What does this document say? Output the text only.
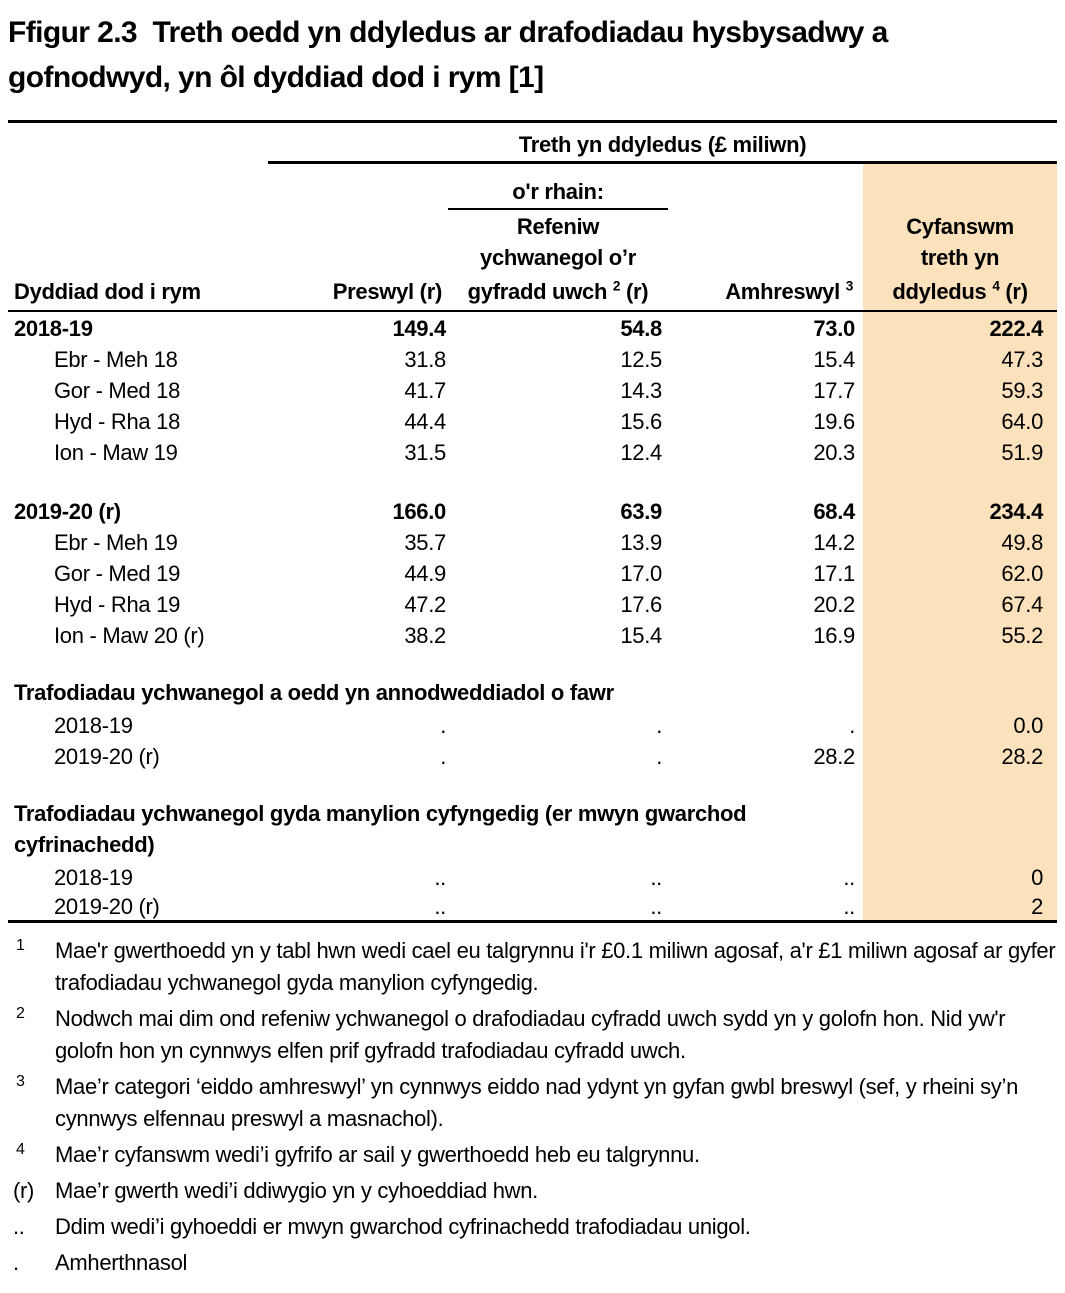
Ffigur 2.3  Treth oedd yn ddyledus ar drafodiadau hysbysadwy a gofnodwyd, yn ôl dyddiad dod i rym [1]
	Treth yn ddyledus (£ miliwn)			
		o'r rhain:		
		Refeniw		Cyfanswm
		ychwanegol o’r		treth yn
Dyddiad dod i rym	Preswyl (r)	gyfradd uwch $^2$ (r)	Amhreswyl $^3$	ddyledus $^4$ (r)
2018-19	149.4	54.8	73.0	222.4
Ebr - Meh 18	31.8	12.5	15.4	47.3
Gor - Med 18	41.7	14.3	17.7	59.3
Hyd - Rha 18	44.4	15.6	19.6	64.0
Ion - Maw 19	31.5	12.4	20.3	51.9

2019-20 (r)	166.0	63.9	68.4	234.4
Ebr - Meh 19	35.7	13.9	14.2	49.8
Gor - Med 19	44.9	17.0	17.1	62.0
Hyd - Rha 19	47.2	17.6	20.2	67.4
Ion - Maw 20 (r)	38.2	15.4	16.9	55.2

Trafodiadau ychwanegol a oedd yn annodweddiadol o fawr				
2018-19	.	.	.	0.0
2019-20 (r)	.	.	28.2	28.2

Trafodiadau ychwanegol gyda manylion cyfyngedig (er mwyn gwarchod cyfrinachedd)				
2018-19	..	..	..	0
2019-20 (r)	..	..	..	2
1	Mae'r gwerthoedd yn y tabl hwn wedi cael eu talgrynnu i'r £0.1 miliwn agosaf, a'r £1 miliwn agosaf ar gyfer trafodiadau ychwanegol gyda manylion cyfyngedig.
2	Nodwch mai dim ond refeniw ychwanegol o drafodiadau cyfradd uwch sydd yn y golofn hon. Nid yw'r golofn hon yn cynnwys elfen prif gyfradd trafodiadau cyfradd uwch.
3	Mae’r categori ‘eiddo amhreswyl’ yn cynnwys eiddo nad ydynt yn gyfan gwbl breswyl (sef, y rheini sy’n cynnwys elfennau preswyl a masnachol).
4	Mae’r cyfanswm wedi’i gyfrifo ar sail y gwerthoedd heb eu talgrynnu.
(r) Mae’r gwerth wedi’i ddiwygio yn y cyhoeddiad hwn.
..	Ddim wedi’i gyhoeddi er mwyn gwarchod cyfrinachedd trafodiadau unigol.
.	Amherthnasol
